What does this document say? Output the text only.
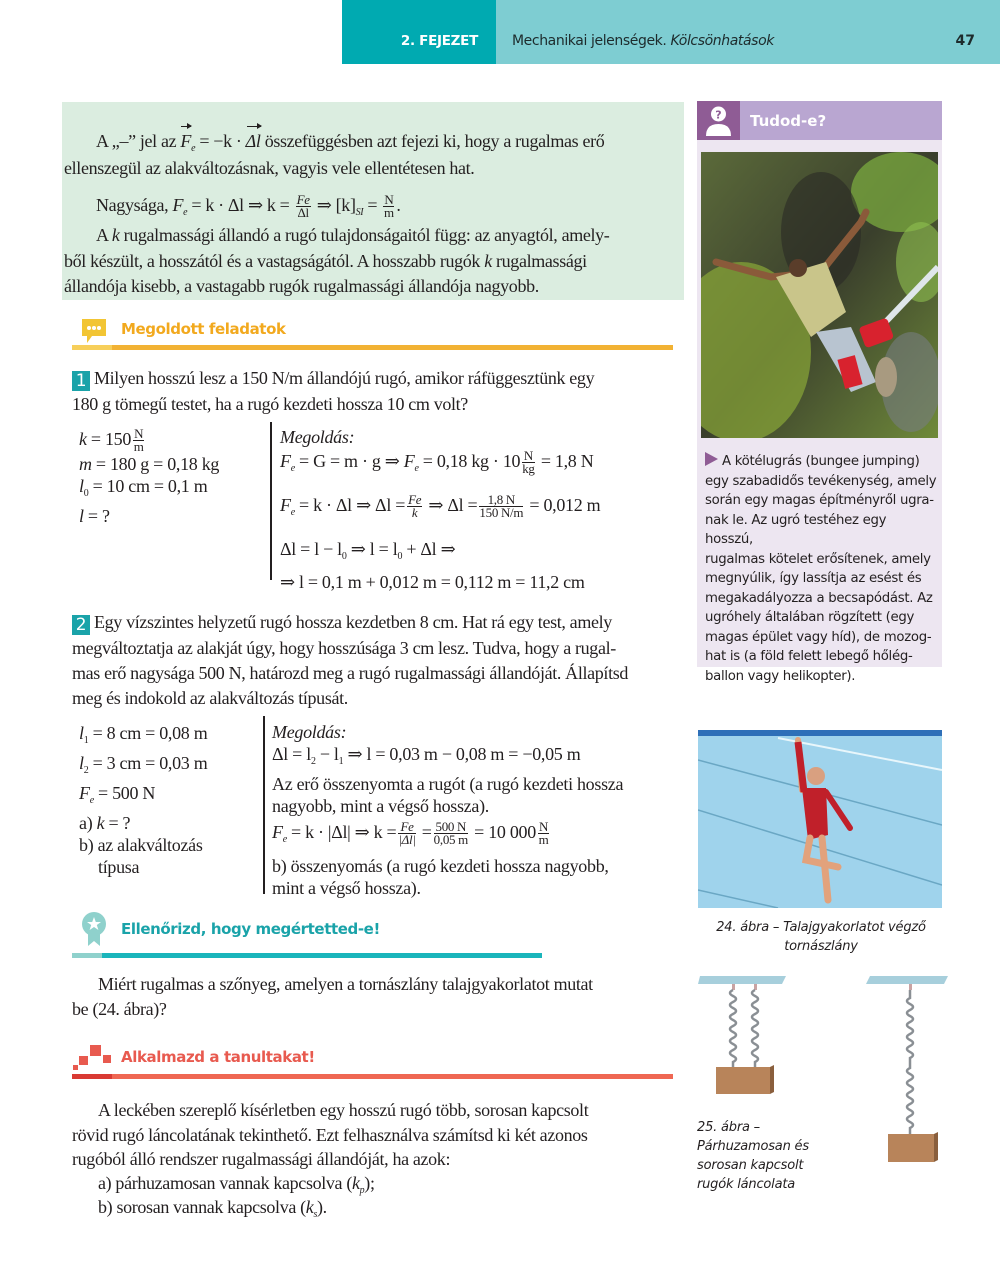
2. FEJEZET Mechanikai jelenségek. Kölcsönhatások	47
A „–” jel az $F_e = -k \cdot \Delta l$ összefüggésben azt fejezi ki, hogy a rugalmas erő
ellenszegül az alakváltozásnak, vagyis vele ellentétesen hat.
Nagysága, $F_e = k \cdot \Delta l$ ⇒ $k = \frac{Fe}{\Delta l}$ ⇒ $[k]_{SI} = \frac{N}{m}$ .
A k rugalmassági állandó a rugó tulajdonságaitól függ: az anyagtól, amely-
ből készült, a hosszától és a vastagságától. A hosszabb rugók k rugalmassági
állandója kisebb, a vastagabb rugók rugalmassági állandója nagyobb.
Megoldott feladatok
1 Milyen hosszú lesz a 150 N/m állandójú rugó, amikor ráfüggesztünk egy
180 g tömegű testet, ha a rugó kezdeti hossza 10 cm volt?
$k = 150 \frac{N}{m}$
m = 180 g = 0,18 kg
$l_0 = 10$ cm = 0,1 m
l = ?
Megoldás:
$F_e = G = m \cdot g$ ⇒ $F_e = 0,18$ kg · $10 \frac{N}{kg} = 1,8$ N
$F_e = k \cdot \Delta l$ ⇒ $\Delta l = \frac{Fe}{k}$ ⇒ $\Delta l = \frac{1,8 N}{150 N/m} = 0,012$ m
$\Delta l = l - l_0$ ⇒ $l = l_0 + \Delta l$ ⇒
⇒ l = 0,1 m + 0,012 m = 0,112 m = 11,2 cm
2 Egy vízszintes helyzetű rugó hossza kezdetben 8 cm. Hat rá egy test, amely
megváltoztatja az alakját úgy, hogy hosszúsága 3 cm lesz. Tudva, hogy a rugal-
mas erő nagysága 500 N, határozd meg a rugó rugalmassági állandóját. Állapítsd
meg és indokold az alakváltozás típusát.
$l_1 = 8$ cm = 0,08 m
$l_2 = 3$ cm = 0,03 m
$F_e = 500$ N
a) k = ?
b) az alakváltozás
típusa
Megoldás:
$\Delta l = l_2 - l_1$ ⇒ l = 0,03 m − 0,08 m = −0,05 m
Az erő összenyomta a rugót (a rugó kezdeti hossza
nagyobb, mint a végső hossza).
$F_e = k \cdot |\Delta l|$ ⇒ $k = \frac{Fe}{|\Delta l|} = \frac{500 N}{0,05 m} = 10$ $000 \frac{N}{m}$
b) összenyomás (a rugó kezdeti hossza nagyobb,
mint a végső hossza).
Ellenőrizd, hogy megértetted-e!
Miért rugalmas a szőnyeg, amelyen a tornászlány talajgyakorlatot mutat
be (24. ábra)?
Alkalmazd a tanultakat!
A leckében szereplő kísérletben egy hosszú rugó több, sorosan kapcsolt
rövid rugó láncolatának tekinthető. Ezt felhasználva számítsd ki két azonos
rugóból álló rendszer rugalmassági állandóját, ha azok:
a) párhuzamosan vannak kapcsolva $(k_p)$;
b) sorosan vannak kapcsolva $(k_s)$.
? Tudod-e?
A kötélugrás (bungee jumping)
egy szabadidős tevékenység, amely
során egy magas építményről ugra-
nak le. Az ugró testéhez egy hosszú,
rugalmas kötelet erősítenek, amely
megnyúlik, így lassítja az esést és
megakadályozza a becsapódást. Az
ugróhely általában rögzített (egy
magas épület vagy híd), de mozog-
hat is (a föld felett lebegő hőlég-
ballon vagy helikopter).
24. ábra – Talajgyakorlatot végző
tornászlány
25. ábra –
Párhuzamosan és
sorosan kapcsolt
rugók láncolata
